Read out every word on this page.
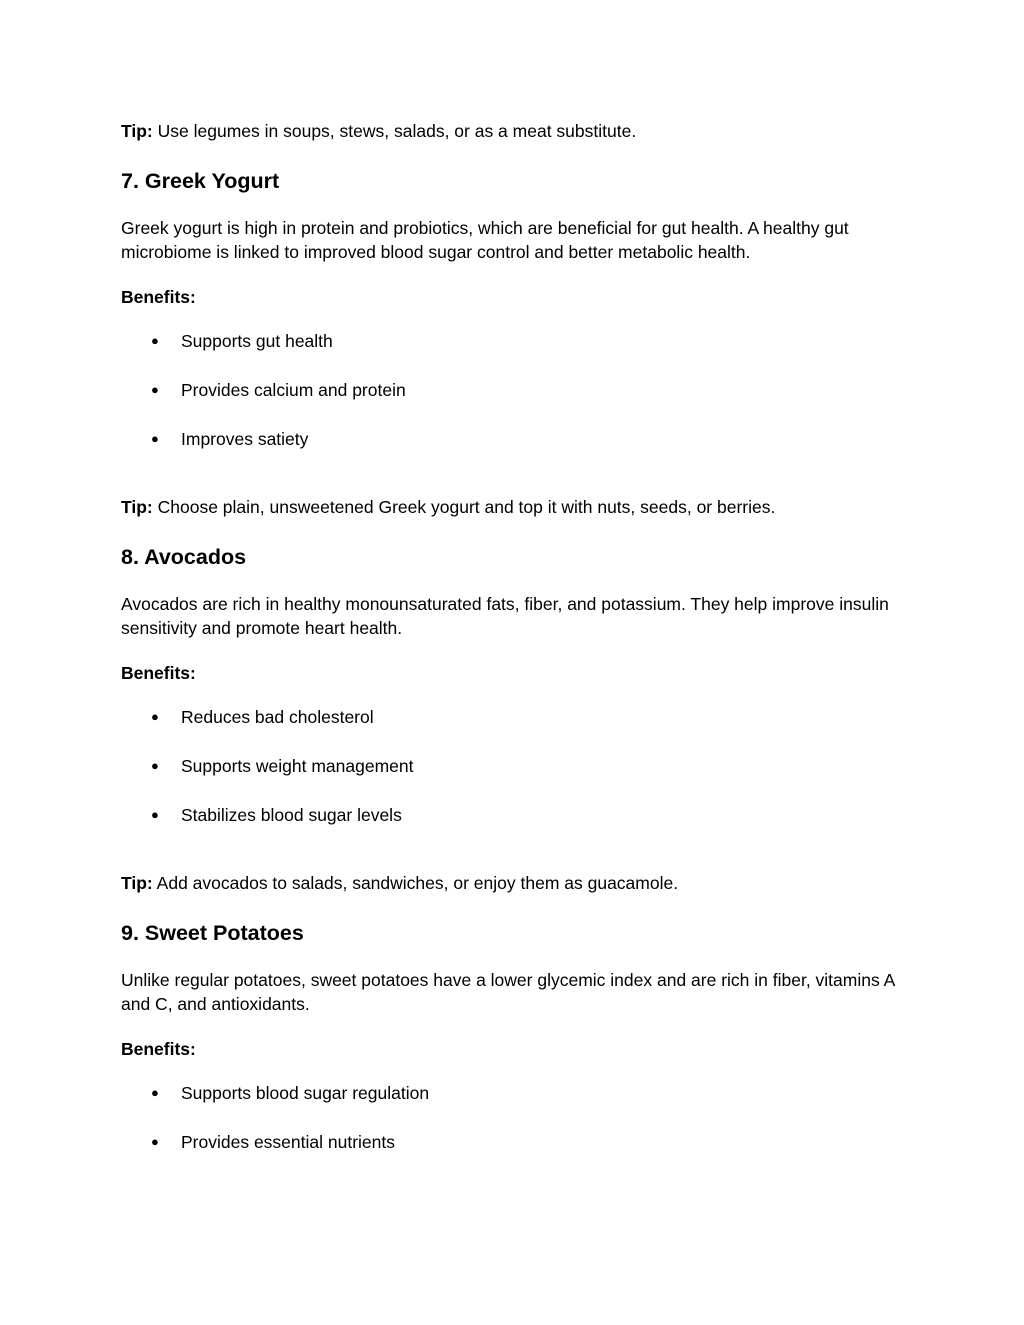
Tip: Use legumes in soups, stews, salads, or as a meat substitute.

7. Greek Yogurt

Greek yogurt is high in protein and probiotics, which are beneficial for gut health. A healthy gut microbiome is linked to improved blood sugar control and better metabolic health.

Benefits:

●	Supports gut health

●	Provides calcium and protein

●	Improves satiety

Tip: Choose plain, unsweetened Greek yogurt and top it with nuts, seeds, or berries.

8. Avocados

Avocados are rich in healthy monounsaturated fats, fiber, and potassium. They help improve insulin sensitivity and promote heart health.

Benefits:

●	Reduces bad cholesterol

●	Supports weight management

●	Stabilizes blood sugar levels

Tip: Add avocados to salads, sandwiches, or enjoy them as guacamole.

9. Sweet Potatoes

Unlike regular potatoes, sweet potatoes have a lower glycemic index and are rich in fiber, vitamins A and C, and antioxidants.

Benefits:

●	Supports blood sugar regulation

●	Provides essential nutrients
